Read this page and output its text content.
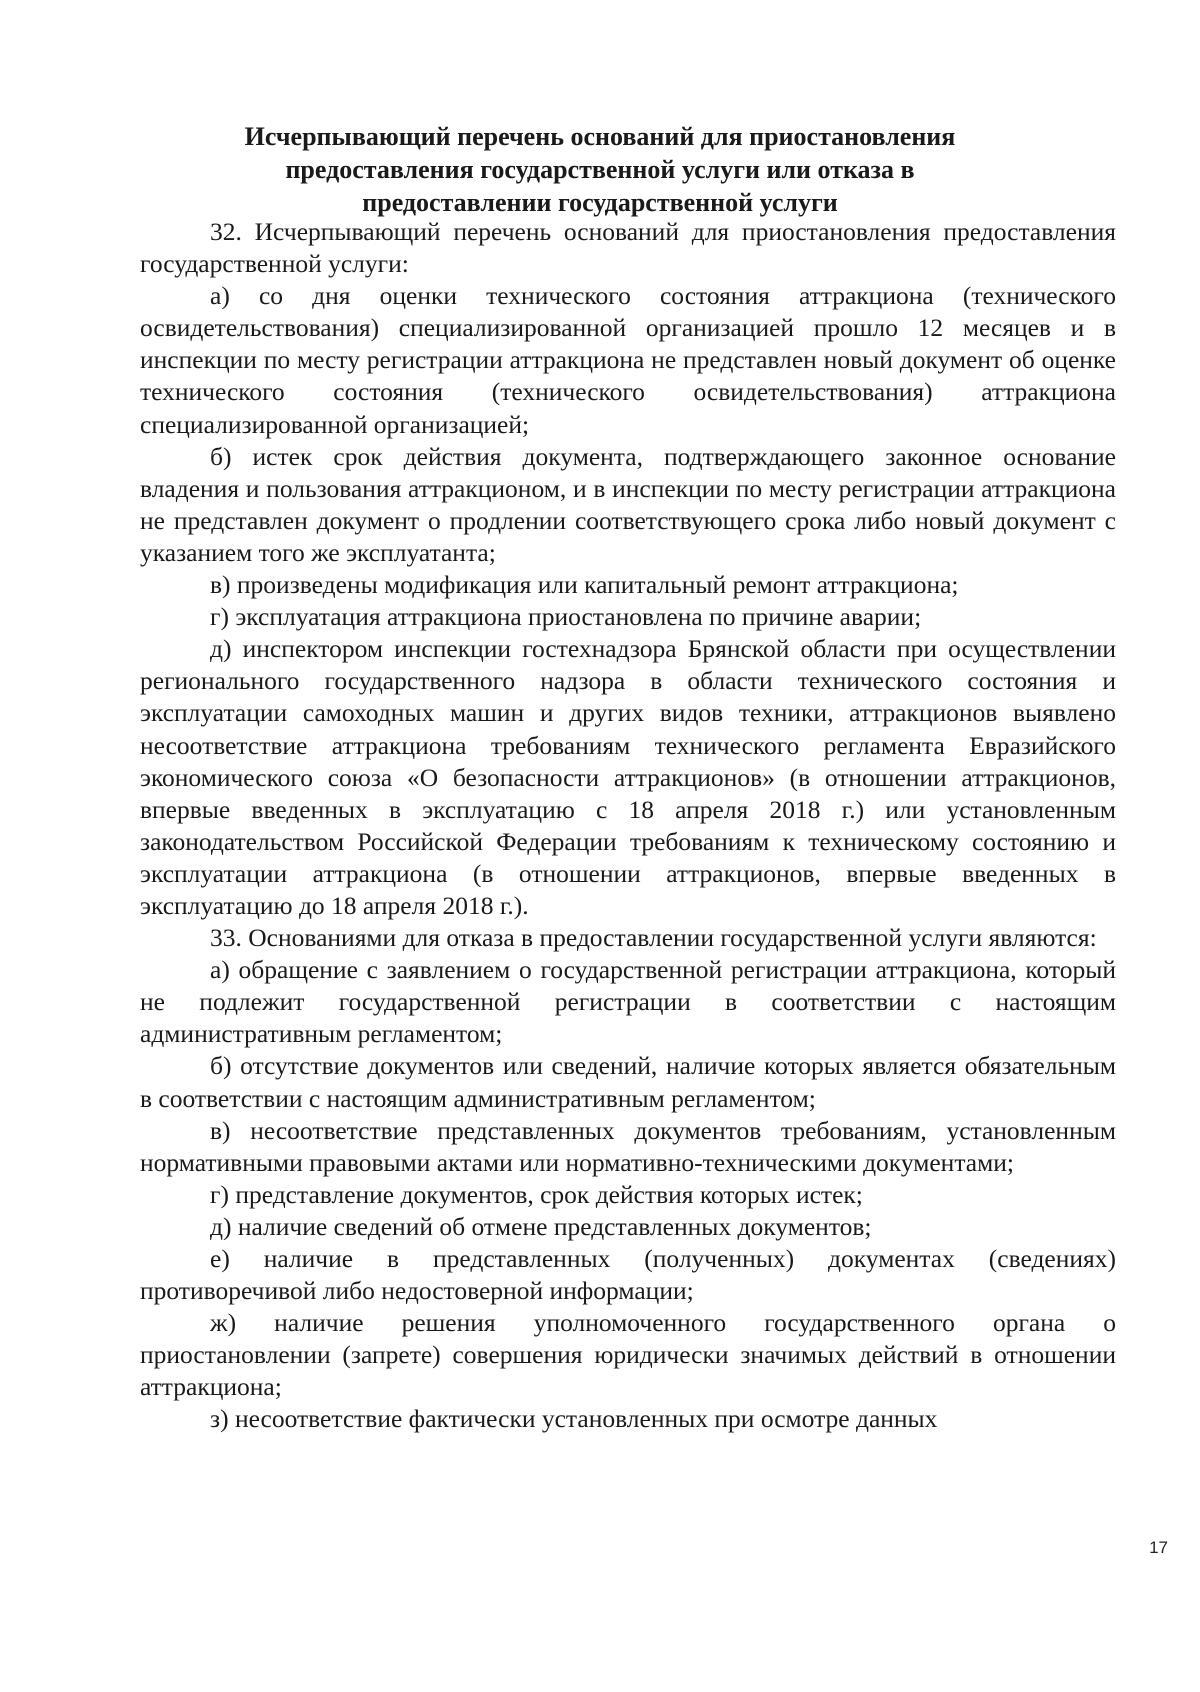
Исчерпывающий перечень оснований для приостановления
предоставления государственной услуги или отказа в
предоставлении государственной услуги

32. Исчерпывающий перечень оснований для приостановления предоставления государственной услуги:

а) со дня оценки технического состояния аттракциона (технического освидетельствования) специализированной организацией прошло 12 месяцев и в инспекции по месту регистрации аттракциона не представлен новый документ об оценке технического состояния (технического освидетельствования) аттракциона специализированной организацией;

б) истек срок действия документа, подтверждающего законное основание владения и пользования аттракционом, и в инспекции по месту регистрации аттракциона не представлен документ о продлении соответствующего срока либо новый документ с указанием того же эксплуатанта;

в) произведены модификация или капитальный ремонт аттракциона;

г) эксплуатация аттракциона приостановлена по причине аварии;

д) инспектором инспекции гостехнадзора Брянской области при осуществлении регионального государственного надзора в области технического состояния и эксплуатации самоходных машин и других видов техники, аттракционов выявлено несоответствие аттракциона требованиям технического регламента Евразийского экономического союза «О безопасности аттракционов» (в отношении аттракционов, впервые введенных в эксплуатацию с 18 апреля 2018 г.) или установленным законодательством Российской Федерации требованиям к техническому состоянию и эксплуатации аттракциона (в отношении аттракционов, впервые введенных в эксплуатацию до 18 апреля 2018 г.).

33. Основаниями для отказа в предоставлении государственной услуги являются:

а) обращение с заявлением о государственной регистрации аттракциона, который не подлежит государственной регистрации в соответствии с настоящим административным регламентом;

б) отсутствие документов или сведений, наличие которых является обязательным в соответствии с настоящим административным регламентом;

в) несоответствие представленных документов требованиям, установленным нормативными правовыми актами или нормативно-техническими документами;

г) представление документов, срок действия которых истек;

д) наличие сведений об отмене представленных документов;

е) наличие в представленных (полученных) документах (сведениях) противоречивой либо недостоверной информации;

ж) наличие решения уполномоченного государственного органа о приостановлении (запрете) совершения юридически значимых действий в отношении аттракциона;

з) несоответствие фактически установленных при осмотре данных

17
